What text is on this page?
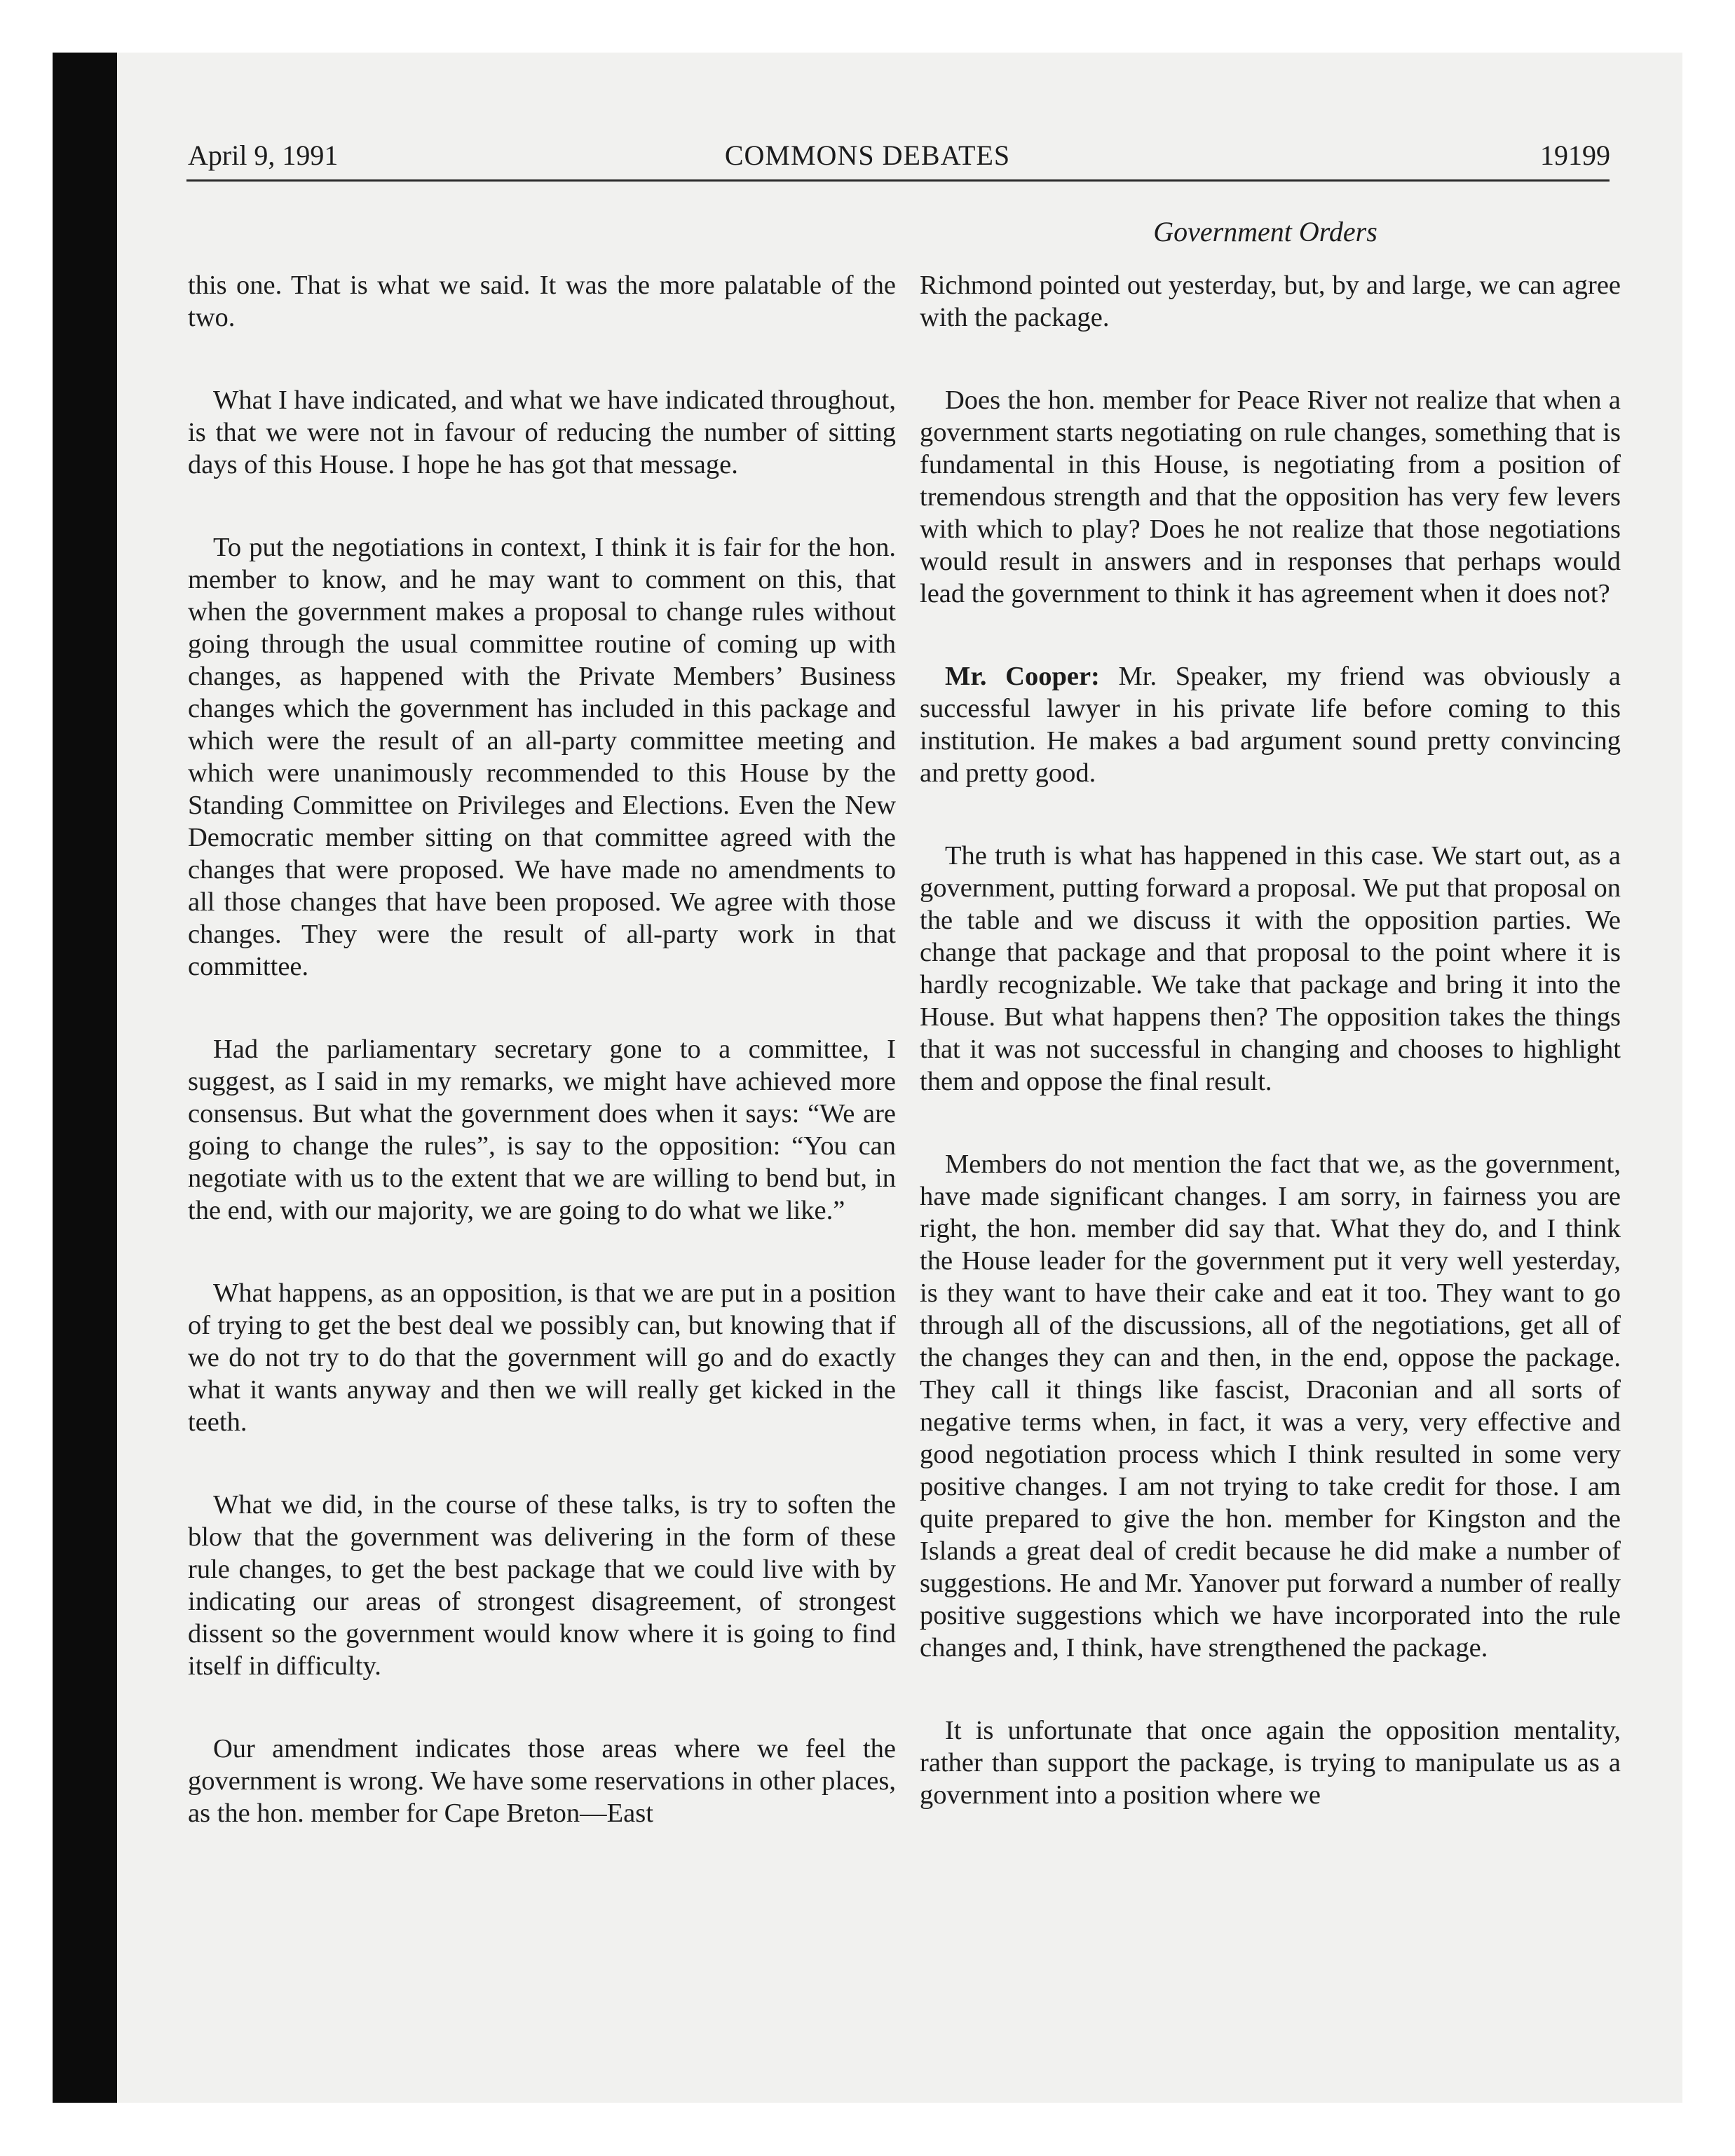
April 9, 1991	COMMONS DEBATES	19199
Government Orders

this one. That is what we said. It was the more palatable of the two.

What I have indicated, and what we have indicated throughout, is that we were not in favour of reducing the number of sitting days of this House. I hope he has got that message.

To put the negotiations in context, I think it is fair for the hon. member to know, and he may want to comment on this, that when the government makes a proposal to change rules without going through the usual committee routine of coming up with changes, as happened with the Private Members’ Business changes which the government has included in this package and which were the result of an all-party committee meeting and which were unanimously recommended to this House by the Standing Committee on Privileges and Elections. Even the New Democratic member sitting on that committee agreed with the changes that were proposed. We have made no amendments to all those changes that have been proposed. We agree with those changes. They were the result of all-party work in that committee.

Had the parliamentary secretary gone to a committee, I suggest, as I said in my remarks, we might have achieved more consensus. But what the government does when it says: “We are going to change the rules”, is say to the opposition: “You can negotiate with us to the extent that we are willing to bend but, in the end, with our majority, we are going to do what we like.”

What happens, as an opposition, is that we are put in a position of trying to get the best deal we possibly can, but knowing that if we do not try to do that the government will go and do exactly what it wants anyway and then we will really get kicked in the teeth.

What we did, in the course of these talks, is try to soften the blow that the government was delivering in the form of these rule changes, to get the best package that we could live with by indicating our areas of strongest disagreement, of strongest dissent so the government would know where it is going to find itself in difficulty.

Our amendment indicates those areas where we feel the government is wrong. We have some reservations in other places, as the hon. member for Cape Breton—East

Richmond pointed out yesterday, but, by and large, we can agree with the package.

Does the hon. member for Peace River not realize that when a government starts negotiating on rule changes, something that is fundamental in this House, is negotiating from a position of tremendous strength and that the opposition has very few levers with which to play? Does he not realize that those negotiations would result in answers and in responses that perhaps would lead the government to think it has agreement when it does not?

Mr. Cooper: Mr. Speaker, my friend was obviously a successful lawyer in his private life before coming to this institution. He makes a bad argument sound pretty convincing and pretty good.

The truth is what has happened in this case. We start out, as a government, putting forward a proposal. We put that proposal on the table and we discuss it with the opposition parties. We change that package and that proposal to the point where it is hardly recognizable. We take that package and bring it into the House. But what happens then? The opposition takes the things that it was not successful in changing and chooses to highlight them and oppose the final result.

Members do not mention the fact that we, as the government, have made significant changes. I am sorry, in fairness you are right, the hon. member did say that. What they do, and I think the House leader for the government put it very well yesterday, is they want to have their cake and eat it too. They want to go through all of the discussions, all of the negotiations, get all of the changes they can and then, in the end, oppose the package. They call it things like fascist, Draconian and all sorts of negative terms when, in fact, it was a very, very effective and good negotiation process which I think resulted in some very positive changes. I am not trying to take credit for those. I am quite prepared to give the hon. member for Kingston and the Islands a great deal of credit because he did make a number of suggestions. He and Mr. Yanover put forward a number of really positive suggestions which we have incorporated into the rule changes and, I think, have strengthened the package.

It is unfortunate that once again the opposition mentality, rather than support the package, is trying to manipulate us as a government into a position where we
